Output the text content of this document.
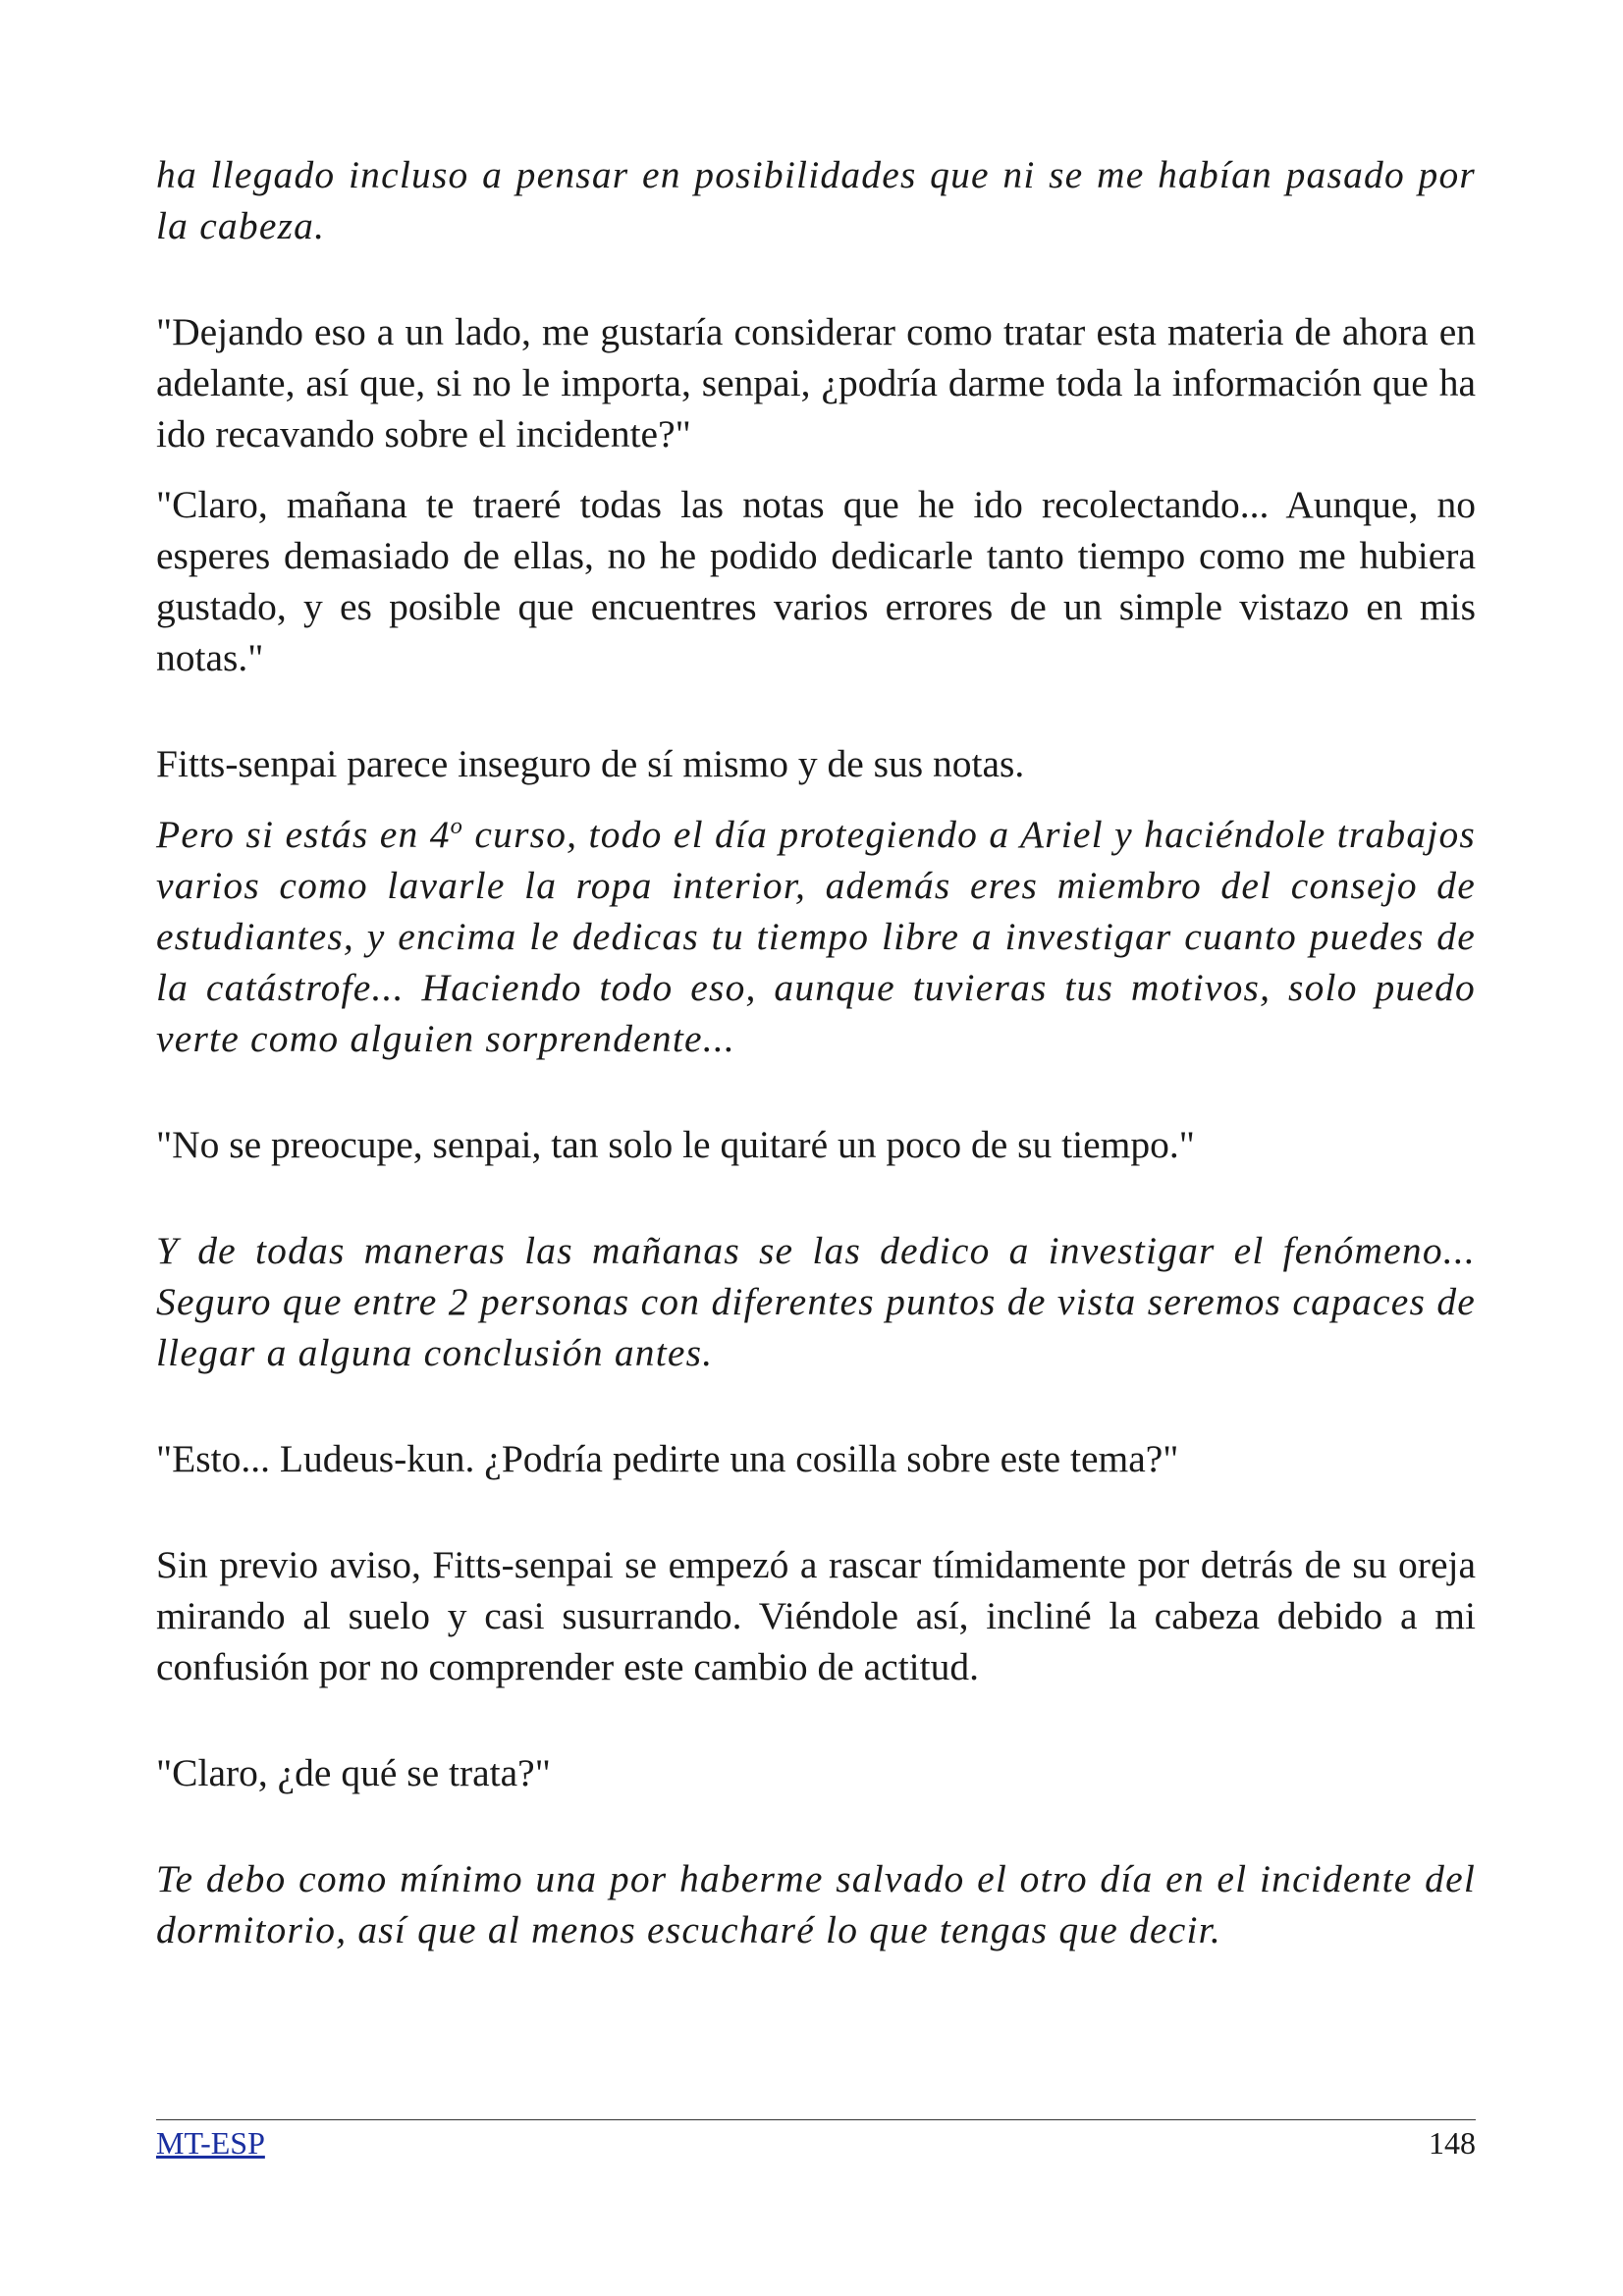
ha llegado incluso a pensar en posibilidades que ni se me habían pasado por la cabeza.

"Dejando eso a un lado, me gustaría considerar como tratar esta materia de ahora en adelante, así que, si no le importa, senpai, ¿podría darme toda la información que ha ido recavando sobre el incidente?"

"Claro, mañana te traeré todas las notas que he ido recolectando... Aunque, no esperes demasiado de ellas, no he podido dedicarle tanto tiempo como me hubiera gustado, y es posible que encuentres varios errores de un simple vistazo en mis notas."

Fitts-senpai parece inseguro de sí mismo y de sus notas.

Pero si estás en 4$^o$ curso, todo el día protegiendo a Ariel y haciéndole trabajos varios como lavarle la ropa interior, además eres miembro del consejo de estudiantes, y encima le dedicas tu tiempo libre a investigar cuanto puedes de la catástrofe... Haciendo todo eso, aunque tuvieras tus motivos, solo puedo verte como alguien sorprendente...

"No se preocupe, senpai, tan solo le quitaré un poco de su tiempo."

Y de todas maneras las mañanas se las dedico a investigar el fenómeno... Seguro que entre 2 personas con diferentes puntos de vista seremos capaces de llegar a alguna conclusión antes.

"Esto... Ludeus-kun. ¿Podría pedirte una cosilla sobre este tema?"

Sin previo aviso, Fitts-senpai se empezó a rascar tímidamente por detrás de su oreja mirando al suelo y casi susurrando. Viéndole así, incliné la cabeza debido a mi confusión por no comprender este cambio de actitud.

"Claro, ¿de qué se trata?"

Te debo como mínimo una por haberme salvado el otro día en el incidente del dormitorio, así que al menos escucharé lo que tengas que decir.

MT-ESP	148
